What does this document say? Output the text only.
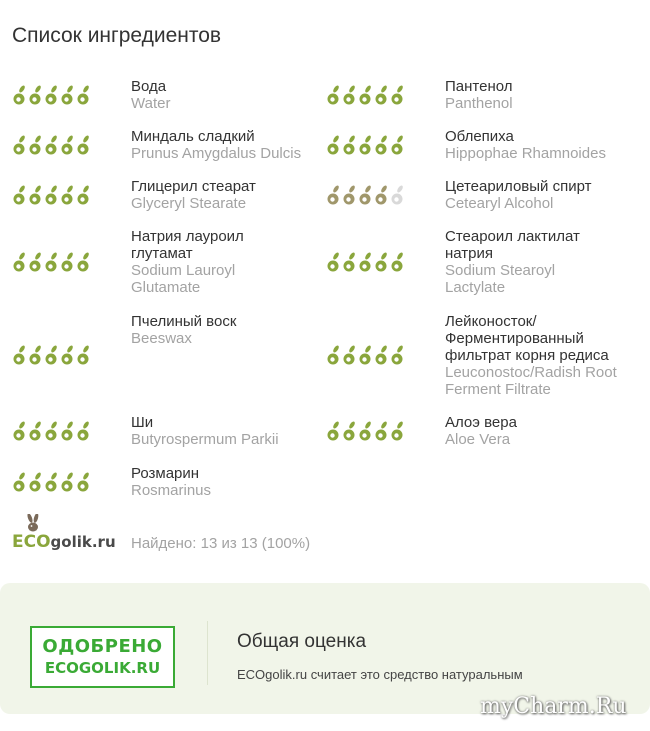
Список ингредиентов
Вода
Water
Миндаль сладкий
Prunus Amygdalus Dulcis
Глицерил стеарат
Glyceryl Stearate
Натрия лауроил глутамат
Sodium Lauroyl Glutamate
Пчелиный воск
Beeswax
Ши
Butyrospermum Parkii
Розмарин
Rosmarinus
Пантенол
Panthenol
Облепиха
Hippophae Rhamnoides
Цетеариловый спирт
Cetearyl Alcohol
Стеароил лактилат натрия
Sodium Stearoyl Lactylate
Лейконосток/ Ферментированный фильтрат корня редиса
Leuconostoc/Radish Root Ferment Filtrate
Алоэ вера
Aloe Vera
ECOgolik.ru Найдено: 13 из 13 (100%)
ОДОБРЕНО
ECOGOLIK.RU
Общая оценка
ECOgolik.ru считает это средство натуральным
myCharm.Ru
